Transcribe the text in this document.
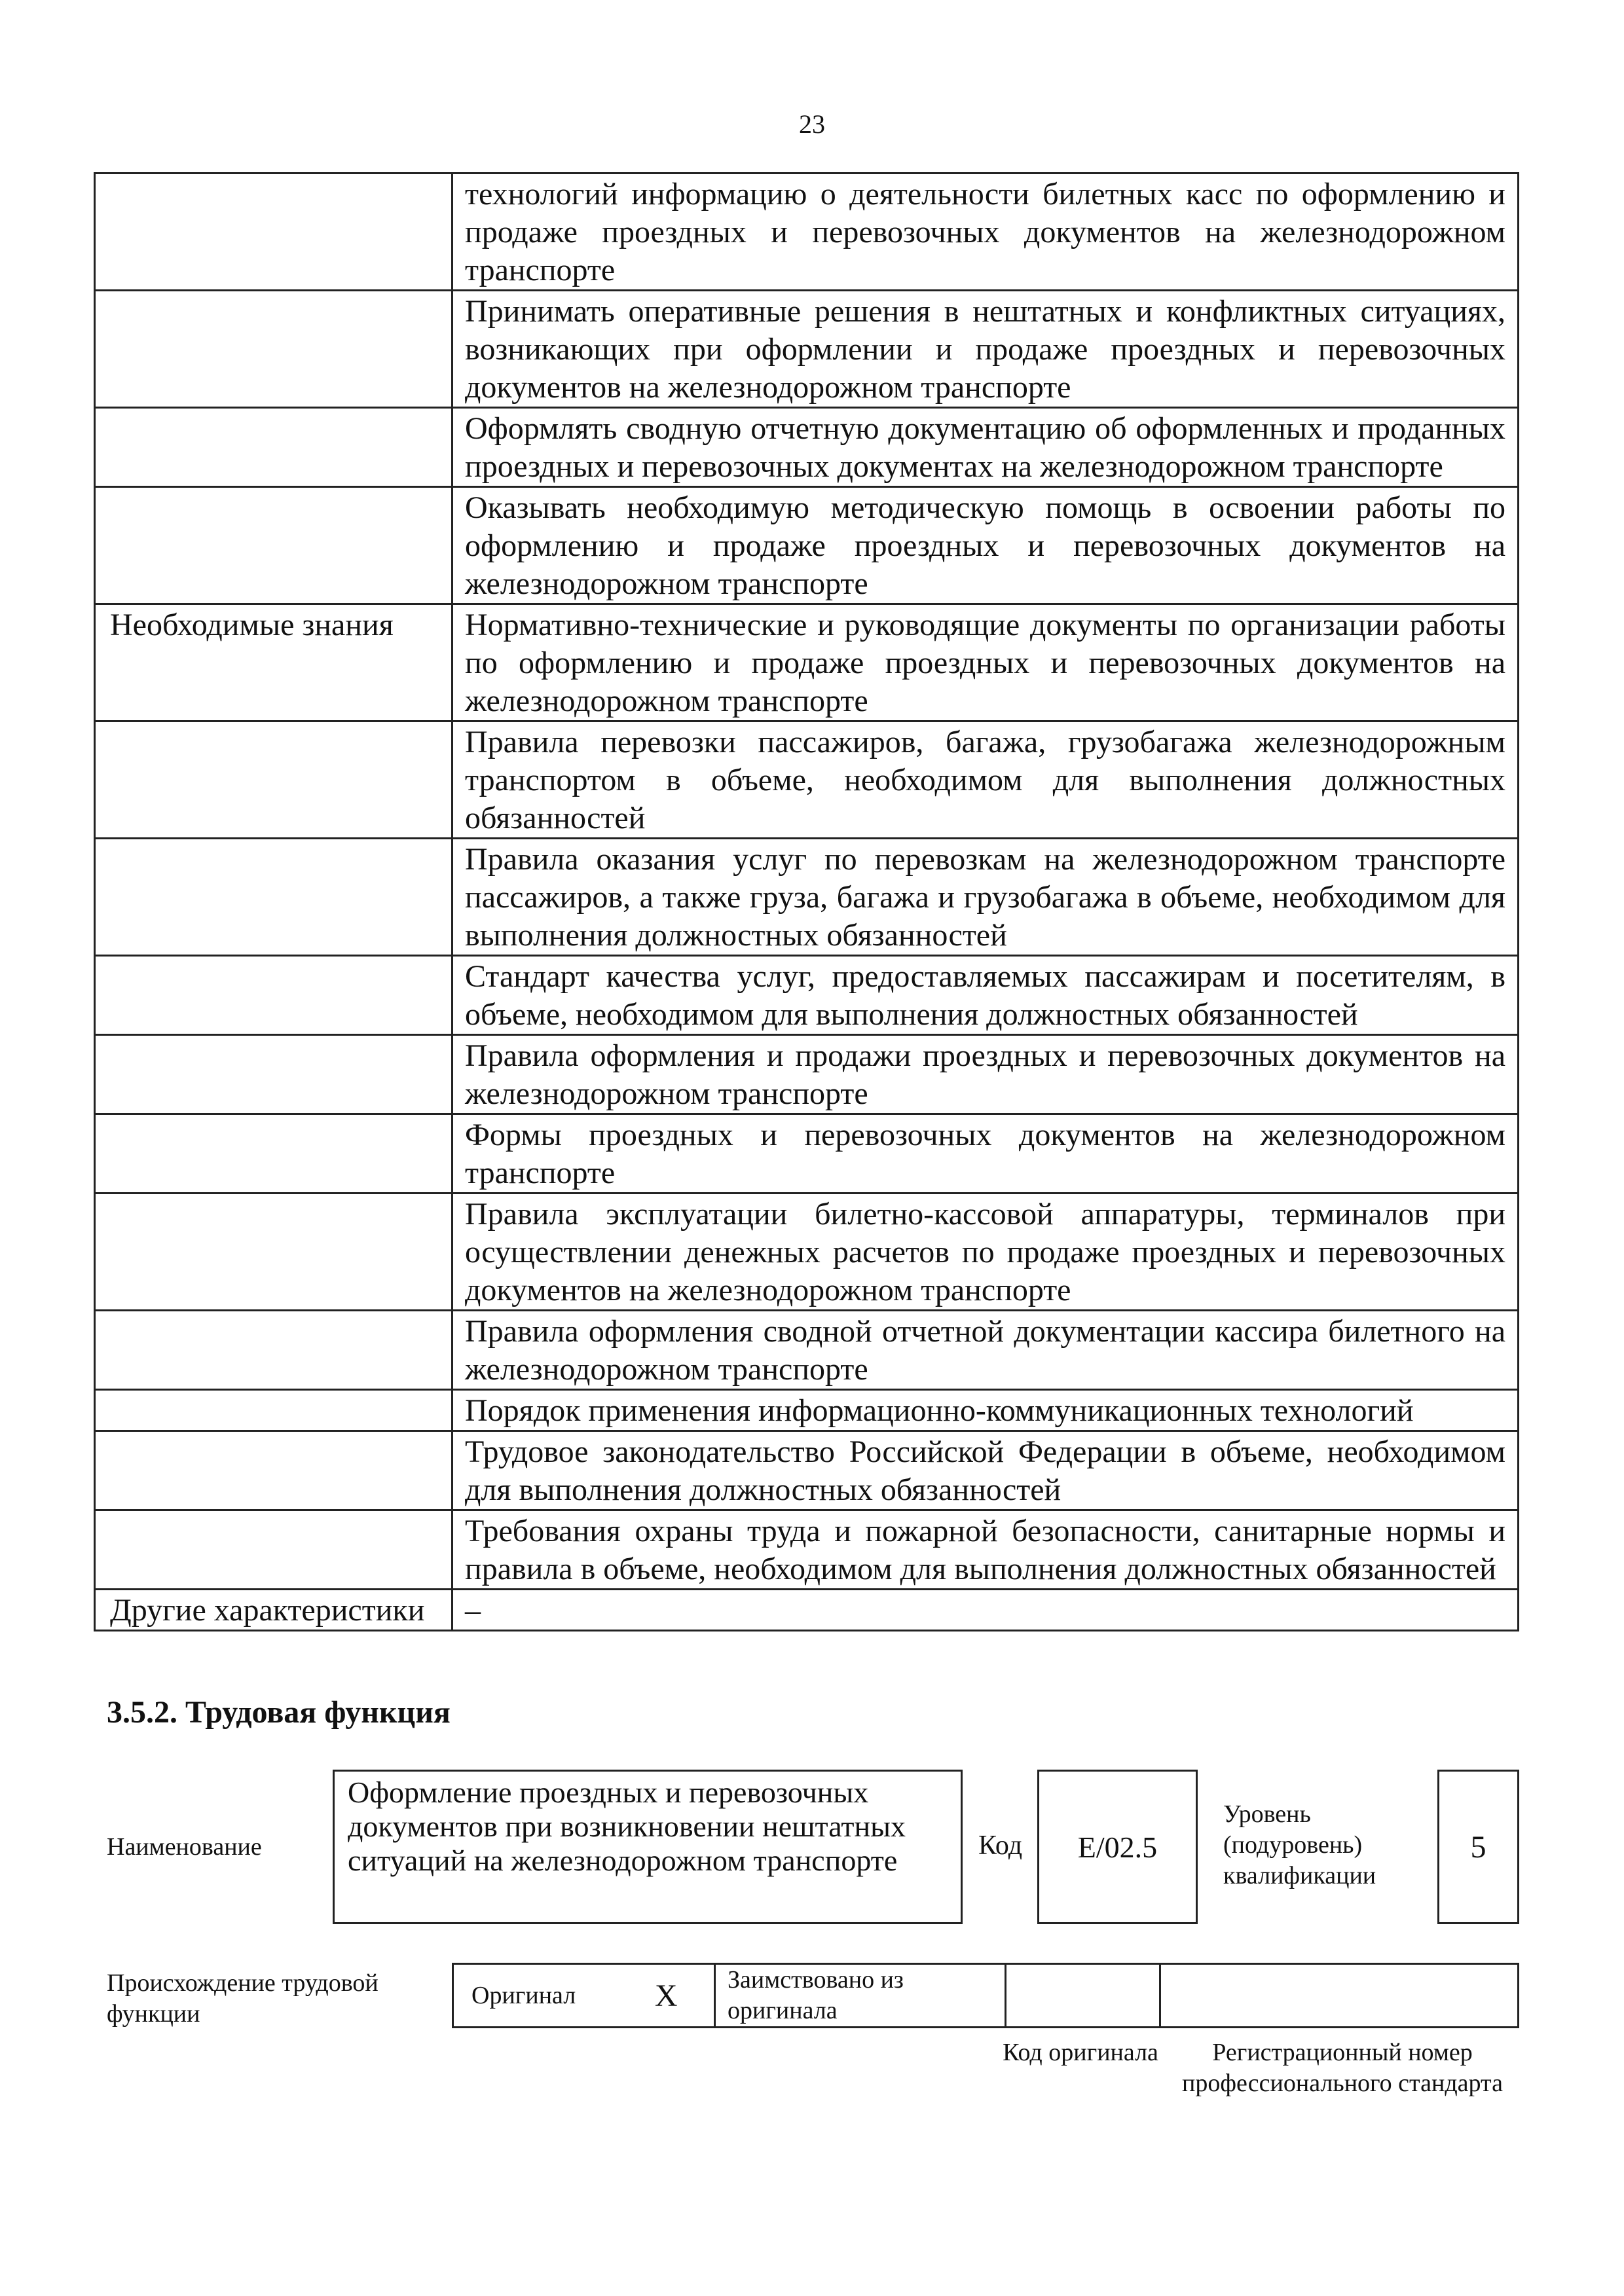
23
	технологий информацию о деятельности билетных касс по оформлению и продаже проездных и перевозочных документов на железнодорожном транспорте
	Принимать оперативные решения в нештатных и конфликтных ситуациях, возникающих при оформлении и продаже проездных и перевозочных документов на железнодорожном транспорте
	Оформлять сводную отчетную документацию об оформленных и проданных проездных и перевозочных документах на железнодорожном транспорте
	Оказывать необходимую методическую помощь в освоении работы по оформлению и продаже проездных и перевозочных документов на железнодорожном транспорте
Необходимые знания	Нормативно-технические и руководящие документы по организации работы по оформлению и продаже проездных и перевозочных документов на железнодорожном транспорте
	Правила перевозки пассажиров, багажа, грузобагажа железнодорожным транспортом в объеме, необходимом для выполнения должностных обязанностей
	Правила оказания услуг по перевозкам на железнодорожном транспорте пассажиров, а также груза, багажа и грузобагажа в объеме, необходимом для выполнения должностных обязанностей
	Стандарт качества услуг, предоставляемых пассажирам и посетителям, в объеме, необходимом для выполнения должностных обязанностей
	Правила оформления и продажи проездных и перевозочных документов на железнодорожном транспорте
	Формы проездных и перевозочных документов на железнодорожном транспорте
	Правила эксплуатации билетно-кассовой аппаратуры, терминалов при осуществлении денежных расчетов по продаже проездных и перевозочных документов на железнодорожном транспорте
	Правила оформления сводной отчетной документации кассира билетного на железнодорожном транспорте
	Порядок применения информационно-коммуникационных технологий
	Трудовое законодательство Российской Федерации в объеме, необходимом для выполнения должностных обязанностей
	Требования охраны труда и пожарной безопасности, санитарные нормы и правила в объеме, необходимом для выполнения должностных обязанностей
Другие характеристики	–
3.5.2. Трудовая функция
Наименование
Оформление проездных и перевозочных документов при возникновении нештатных ситуаций на железнодорожном транспорте	Код	E/02.5
Уровень (подуровень) квалификации
5
Происхождение трудовой функции
Оригинал	X	Заимствовано из оригинала		
Код оригинала	Регистрационный номер профессионального стандарта
